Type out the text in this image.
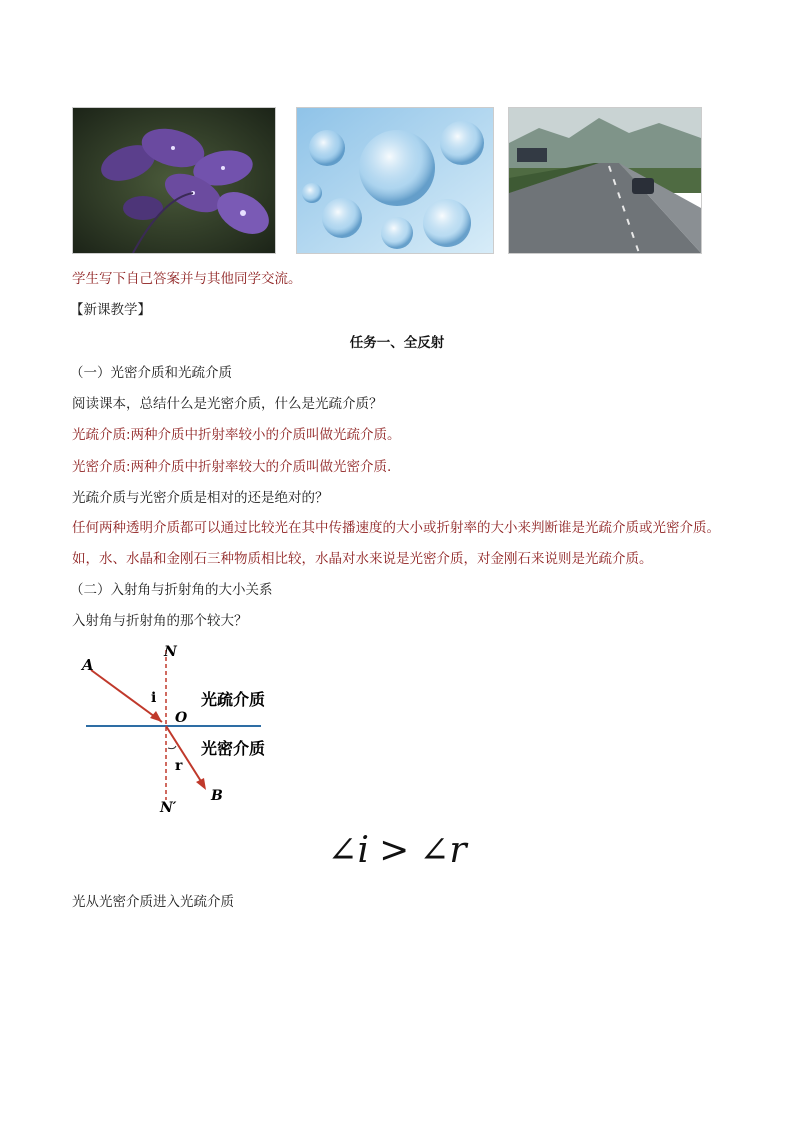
学生写下自己答案并与其他同学交流。
【新课教学】
任务一、全反射
（一）光密介质和光疏介质
阅读课本，总结什么是光密介质，什么是光疏介质？
光疏介质:两种介质中折射率较小的介质叫做光疏介质。
光密介质:两种介质中折射率较大的介质叫做光密介质.
光疏介质与光密介质是相对的还是绝对的？
任何两种透明介质都可以通过比较光在其中传播速度的大小或折射率的大小来判断谁是光疏介质或光密介质。如，水、水晶和金刚石三种物质相比较，水晶对水来说是光密介质，对金刚石来说则是光疏介质。
（二）入射角与折射角的大小关系
入射角与折射角的那个较大？
A
N
i
O
r
B
N′
光疏介质
光密介质
∠i > ∠r
光从光密介质进入光疏介质
